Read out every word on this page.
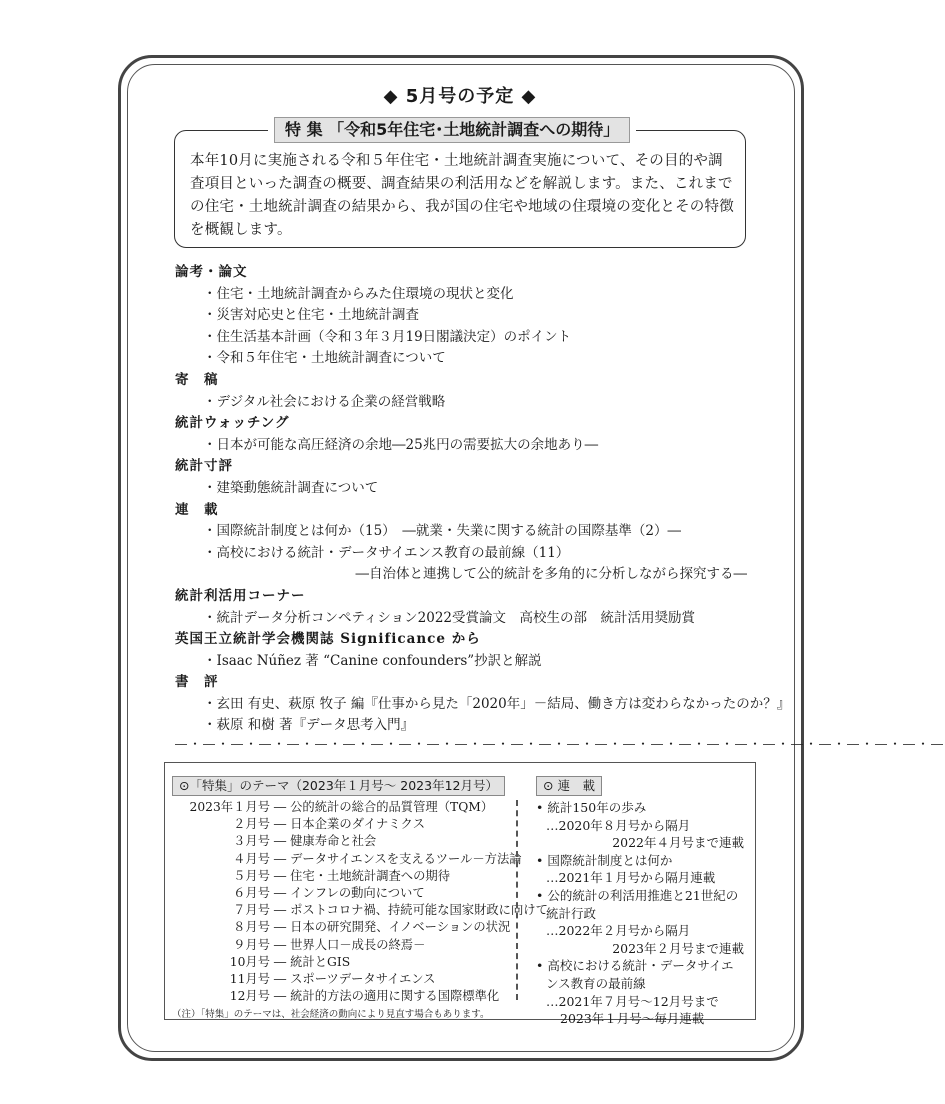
◆ 5月号の予定 ◆
特 集 「令和5年住宅･土地統計調査への期待」
本年10月に実施される令和５年住宅・土地統計調査実施について、その目的や調査項目といった調査の概要、調査結果の利活用などを解説します。また、これまでの住宅・土地統計調査の結果から、我が国の住宅や地域の住環境の変化とその特徴を概観します。
論考・論文
・住宅・土地統計調査からみた住環境の現状と変化
・災害対応史と住宅・土地統計調査
・住生活基本計画（令和３年３月19日閣議決定）のポイント
・令和５年住宅・土地統計調査について
寄　稿
・デジタル社会における企業の経営戦略
統計ウォッチング
・日本が可能な高圧経済の余地―25兆円の需要拡大の余地あり―
統計寸評
・建築動態統計調査について
連　載
・国際統計制度とは何か（15）　―就業・失業に関する統計の国際基準（2）―
・高校における統計・データサイエンス教育の最前線（11）
―自治体と連携して公的統計を多角的に分析しながら探究する―
統計利活用コーナー
・統計データ分析コンペティション2022受賞論文　高校生の部　統計活用奨励賞
英国王立統計学会機関誌 Significance から
・Isaac Núñez 著 “Canine confounders”抄訳と解説
書　評
・玄田 有史、萩原 牧子 編『仕事から見た「2020年」－結局、働き方は変わらなかったのか？』
・萩原 和樹 著『データ思考入門』
―・―・―・―・―・―・―・―・―・―・―・―・―・―・―・―・―・―・―・―・―・―・―・―・―・―・―・―
⊙「特集」のテーマ（2023年１月号～ 2023年12月号）
2023年１月号 ― 公的統計の総合的品質管理（TQM）
２月号 ― 日本企業のダイナミクス
３月号 ― 健康寿命と社会
４月号 ― データサイエンスを支えるツール－方法論
５月号 ― 住宅・土地統計調査への期待
６月号 ― インフレの動向について
７月号 ― ポストコロナ禍、持続可能な国家財政に向けて
８月号 ― 日本の研究開発、イノベーションの状況
９月号 ― 世界人口－成長の終焉－
10月号 ― 統計とGIS
11月号 ― スポーツデータサイエンス
12月号 ― 統計的方法の適用に関する国際標準化
（注）「特集」のテーマは、社会経済の動向により見直す場合もあります。
⊙ 連　載
• 統計150年の歩み
…2020年８月号から隔月
2022年４月号まで連載
• 国際統計制度とは何か
…2021年１月号から隔月連載
• 公的統計の利活用推進と21世紀の
統計行政
…2022年２月号から隔月
2023年２月号まで連載
• 高校における統計・データサイエ
ンス教育の最前線
…2021年７月号～12月号まで
2023年１月号～毎月連載
